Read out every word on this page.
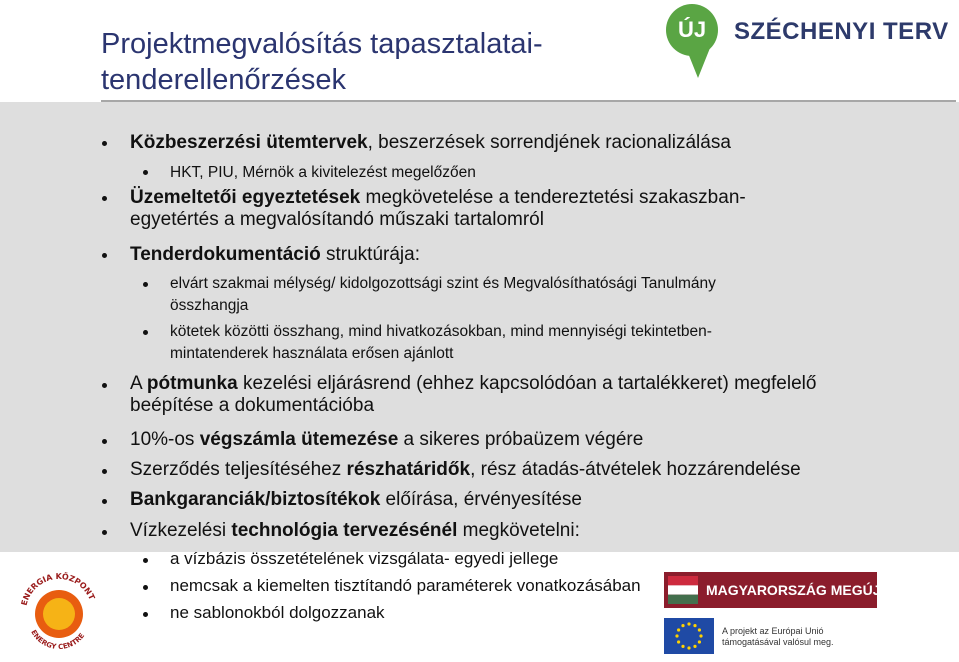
Projektmegvalósítás tapasztalatai-
tenderellenőrzések
ÚJ	SZÉCHENYI TERV
Közbeszerzési ütemtervek, beszerzések sorrendjének racionalizálása
HKT, PIU, Mérnök a kivitelezést megelőzően
Üzemeltetői egyeztetések megkövetelése a tendereztetési szakaszban-
egyetértés a megvalósítandó műszaki tartalomról
Tenderdokumentáció struktúrája:
elvárt szakmai mélység/ kidolgozottsági szint és Megvalósíthatósági Tanulmány
összhangja
kötetek közötti összhang, mind hivatkozásokban, mind mennyiségi tekintetben-
mintatenderek használata erősen ajánlott
A pótmunka kezelési eljárásrend (ehhez kapcsolódóan a tartalékkeret) megfelelő
beépítése a dokumentációba
10%-os végszámla ütemezése a sikeres próbaüzem végére
Szerződés teljesítéséhez részhatáridők, rész átadás-átvételek hozzárendelése
Bankgaranciák/biztosítékok előírása, érvényesítése
Vízkezelési technológia tervezésénél megkövetelni:
a vízbázis összetételének vizsgálata- egyedi jellege
nemcsak a kiemelten tisztítandó paraméterek vonatkozásában
ne sablonokból dolgozzanak
ENERGIA KÖZPONT
ENERGY CENTRE
MAGYARORSZÁG MEGÚJUL
A projekt az Európai Unió
támogatásával valósul meg.
